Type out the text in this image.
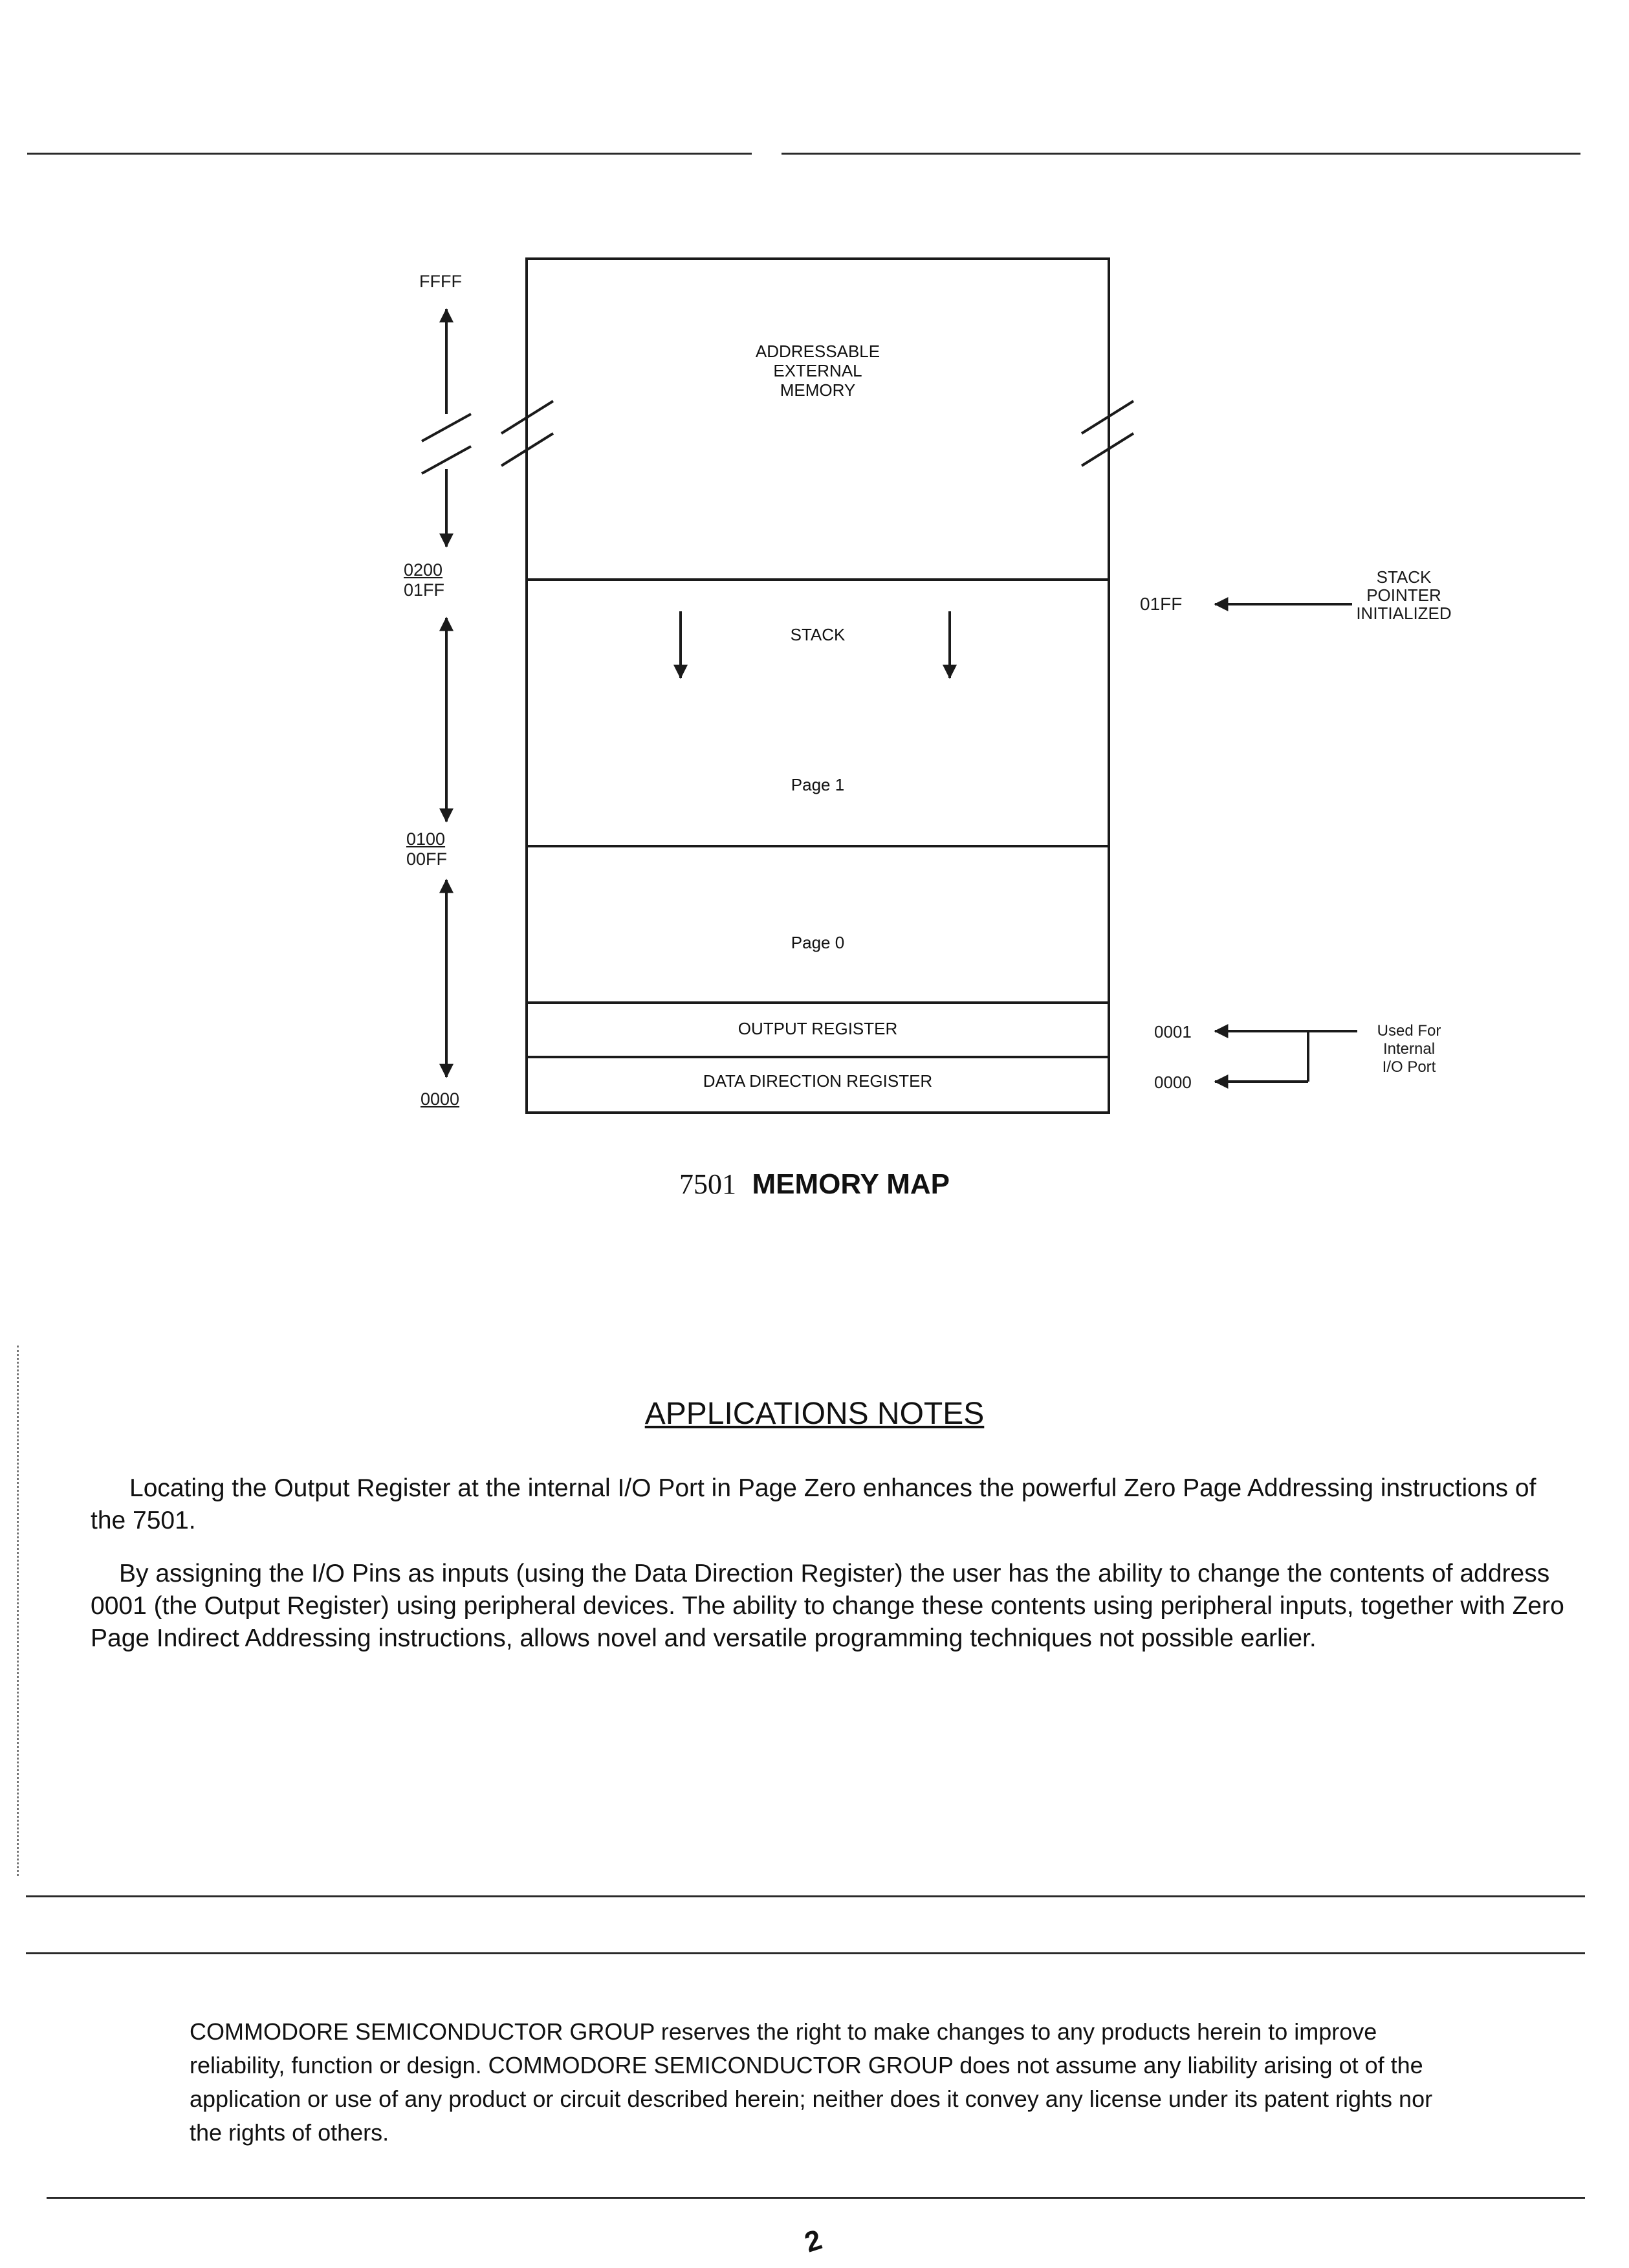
FFFF
0200
01FF
0100
00FF
0000
ADDRESSABLE
EXTERNAL
MEMORY
STACK
Page 1
Page 0
OUTPUT REGISTER
DATA DIRECTION REGISTER
01FF
STACK
POINTER
INITIALIZED
0001
0000
Used For
Internal
I/O Port
7501 MEMORY MAP
APPLICATIONS NOTES
Locating the Output Register at the internal I/O Port in Page Zero enhances the powerful Zero Page Addressing instructions of the 7501.
By assigning the I/O Pins as inputs (using the Data Direction Register) the user has the ability to change the contents of address 0001 (the Output Register) using peripheral devices. The ability to change these contents using peripheral inputs, together with Zero Page Indirect Addressing instructions, allows novel and versatile programming techniques not possible earlier.
COMMODORE SEMICONDUCTOR GROUP reserves the right to make changes to any products herein to improve reliability, function or design. COMMODORE SEMICONDUCTOR GROUP does not assume any liability arising ot of the application or use of any product or circuit described herein; neither does it convey any license under its patent rights nor the rights of others.
2
